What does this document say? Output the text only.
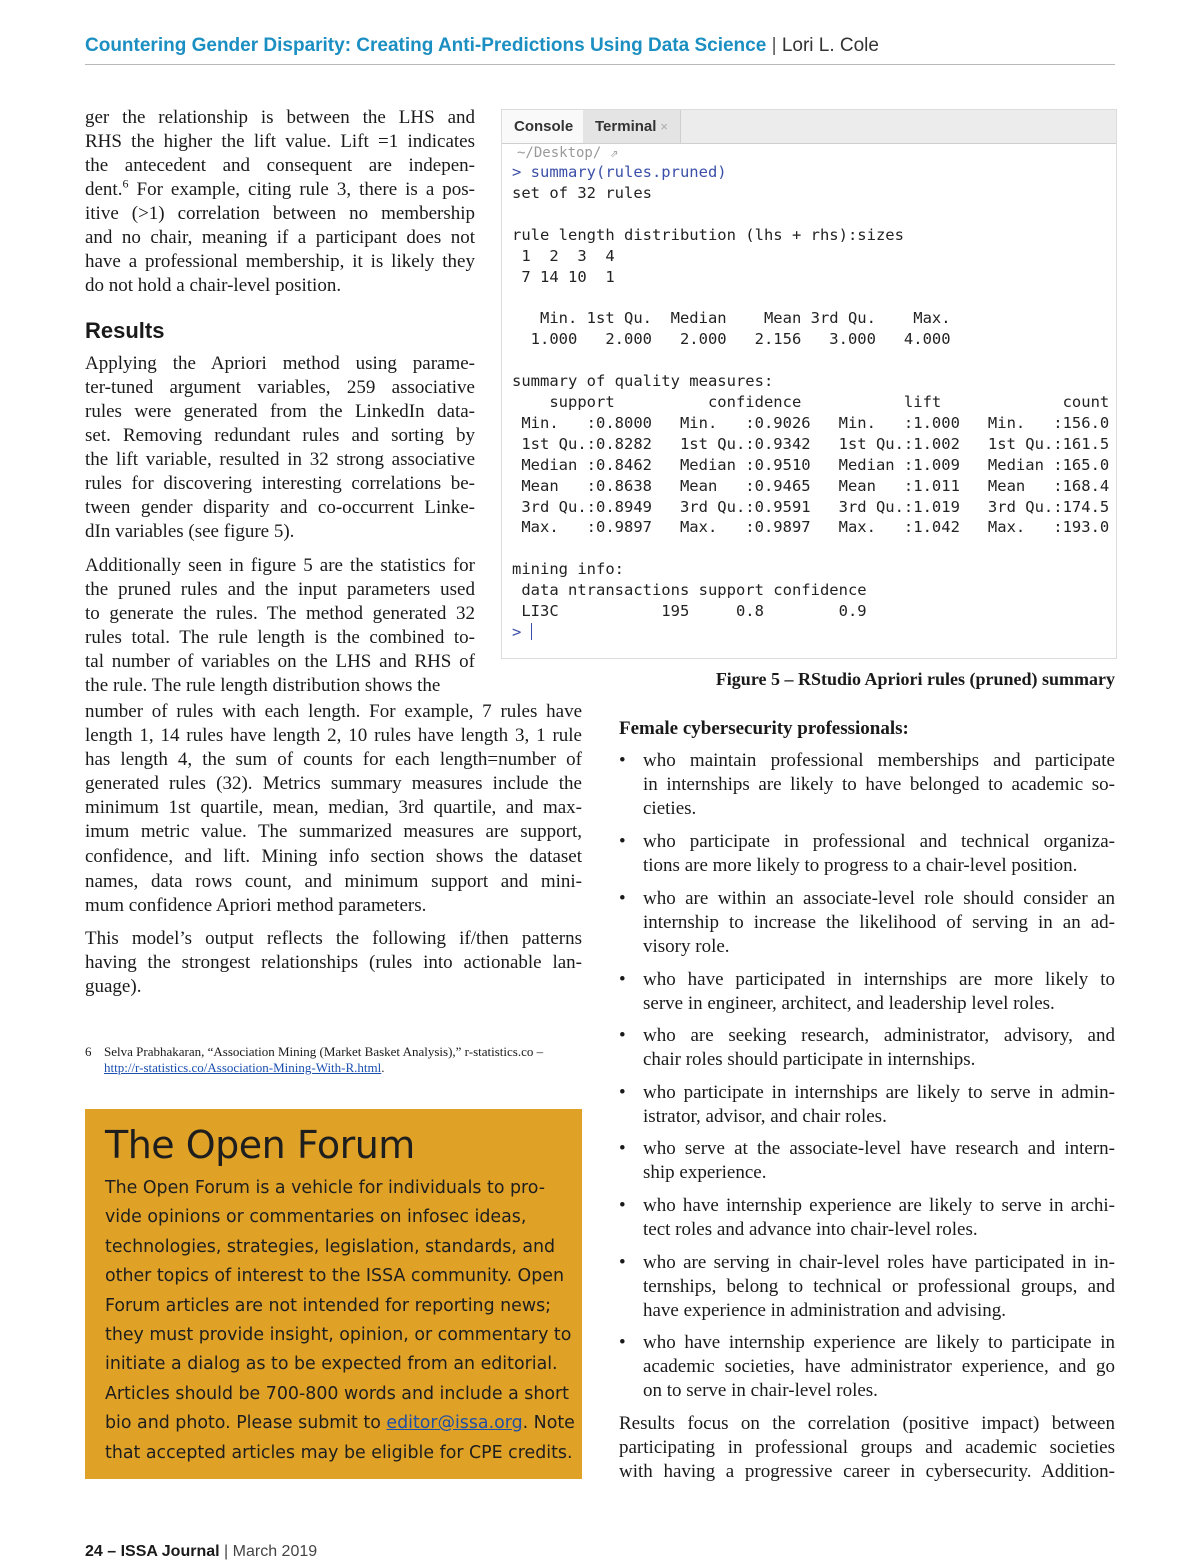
Countering Gender Disparity: Creating Anti-Predictions Using Data Science | Lori L. Cole
ger the relationship is between the LHS and
RHS the higher the lift value. Lift =1 indicates
the antecedent and consequent are indepen-
dent.$^6$ For example, citing rule 3, there is a pos-
itive (>1) correlation between no membership
and no chair, meaning if a participant does not
have a professional membership, it is likely they
do not hold a chair-level position.
Results
Applying the Apriori method using parame-
ter-tuned argument variables, 259 associative
rules were generated from the LinkedIn data-
set. Removing redundant rules and sorting by
the lift variable, resulted in 32 strong associative
rules for discovering interesting correlations be-
tween gender disparity and co-occurrent Linke-
dIn variables (see figure 5).
Additionally seen in figure 5 are the statistics for
the pruned rules and the input parameters used
to generate the rules. The method generated 32
rules total. The rule length is the combined to-
tal number of variables on the LHS and RHS of
the rule. The rule length distribution shows the
number of rules with each length. For example, 7 rules have
length 1, 14 rules have length 2, 10 rules have length 3, 1 rule
has length 4, the sum of counts for each length=number of
generated rules (32). Metrics summary measures include the
minimum 1st quartile, mean, median, 3rd quartile, and max-
imum metric value. The summarized measures are support,
confidence, and lift. Mining info section shows the dataset
names, data rows count, and minimum support and mini-
mum confidence Apriori method parameters.
This model’s output reflects the following if/then patterns
having the strongest relationships (rules into actionable lan-
guage).
Console	Terminal ×
~/Desktop/ ⇗
> summary(rules.pruned)
set of 32 rules

rule length distribution (lhs + rhs):sizes
1  2  3  4
7 14 10  1

Min. 1st Qu.  Median    Mean 3rd Qu.    Max.
1.000   2.000   2.000   2.156   3.000   4.000

summary of quality measures:
support          confidence           lift             count
Min.   :0.8000   Min.   :0.9026   Min.   :1.000   Min.   :156.0
1st Qu.:0.8282   1st Qu.:0.9342   1st Qu.:1.002   1st Qu.:161.5
Median :0.8462   Median :0.9510   Median :1.009   Median :165.0
Mean   :0.8638   Mean   :0.9465   Mean   :1.011   Mean   :168.4
3rd Qu.:0.8949   3rd Qu.:0.9591   3rd Qu.:1.019   3rd Qu.:174.5
Max.   :0.9897   Max.   :0.9897   Max.   :1.042   Max.   :193.0

mining info:
data ntransactions support confidence
LI3C           195     0.8        0.9
>
Figure 5 – RStudio Apriori rules (pruned) summary
6 Selva Prabhakaran, “Association Mining (Market Basket Analysis),” r-statistics.co –
http://r-statistics.co/Association-Mining-With-R.html.
The Open Forum
The Open Forum is a vehicle for individuals to pro-
vide opinions or commentaries on infosec ideas,
technologies, strategies, legislation, standards, and
other topics of interest to the ISSA community. Open
Forum articles are not intended for reporting news;
they must provide insight, opinion, or commentary to
initiate a dialog as to be expected from an editorial.
Articles should be 700-800 words and include a short
bio and photo. Please submit to editor@issa.org. Note
that accepted articles may be eligible for CPE credits.
Female cybersecurity professionals:
• who maintain professional memberships and participate
in internships are likely to have belonged to academic so-
cieties.
• who participate in professional and technical organiza-
tions are more likely to progress to a chair-level position.
• who are within an associate-level role should consider an
internship to increase the likelihood of serving in an ad-
visory role.
• who have participated in internships are more likely to
serve in engineer, architect, and leadership level roles.
• who are seeking research, administrator, advisory, and
chair roles should participate in internships.
• who participate in internships are likely to serve in admin-
istrator, advisor, and chair roles.
• who serve at the associate-level have research and intern-
ship experience.
• who have internship experience are likely to serve in archi-
tect roles and advance into chair-level roles.
• who are serving in chair-level roles have participated in in-
ternships, belong to technical or professional groups, and
have experience in administration and advising.
• who have internship experience are likely to participate in
academic societies, have administrator experience, and go
on to serve in chair-level roles.
Results focus on the correlation (positive impact) between
participating in professional groups and academic societies
with having a progressive career in cybersecurity. Addition-
24 – ISSA Journal | March 2019
